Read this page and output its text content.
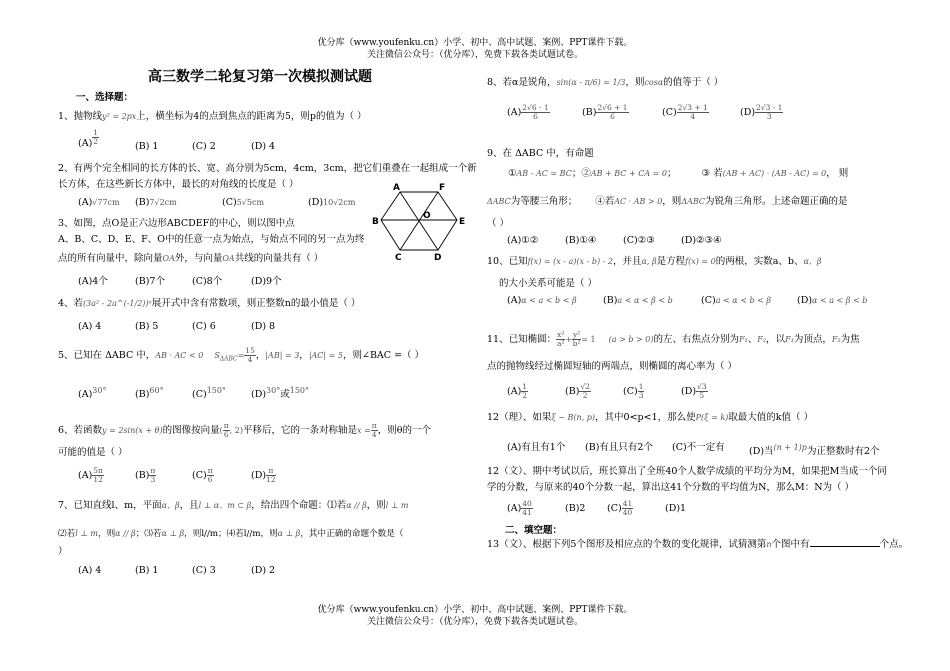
优分库（www.youfenku.cn）小学、初中、高中试题、案例、PPT课件下载。
关注微信公众号：（优分库），免费下载各类试题试卷。
高三数学二轮复习第一次模拟测试题
一、选择题：
1、抛物线y² = 2px上，横坐标为4的点到焦点的距离为5，则p的值为（ ）
$(A) \frac{1}{2}$
(B) 1	(C) 2	(D) 4
2、有两个完全相同的长方体的长、宽、高分别为5cm，4cm，3cm，把它们重叠在一起组成一个新
长方体，在这些新长方体中，最长的对角线的长度是（ ）
(A)√77cm (B)7√2cm	(C)5√5cm	(D)10√2cm
A	F
B
O
E
C	D
3、如图，点O是正六边形ABCDEF的中心，则以图中点
A、B、C、D、E、F、O中的任意一点为始点，与始点不同的另一点为终
点的所有向量中，除向量OA外，与向量OA共线的向量共有（ ）
(A)4个	(B)7个	(C)8个	(D)9个
4、若(3a² - 2a^(-1/2))ⁿ展开式中含有常数项，则正整数n的最小值是（ ）
(A) 4	(B) 5	(C) 6	(D) 8
5、已知在 ΔABC 中，AB · AC < 0 $S_{\Delta ABC}= \frac{15}{4}$ ，|AB| = 3，|AC| = 5，则∠BAC =（ ）
$(A)^{30^\circ}$	$(B)^{60^\circ}$	$(C)^{150^\circ}$	$(D)^{30^\circ}$或$^{150^\circ}$
6、若函数y = 2sin(x + θ)的图像按向量( $\frac{\pi}{6}$ , 2)平移后，它的一条对称轴是$x = \frac{\pi}{4}$ ，则θ的一个
可能的值是（ ）
$(A) \frac{5\pi}{12}$	$(B) \frac{\pi}{3}$	$(C) \frac{\pi}{6}$	$(D) \frac{\pi}{12}$
7、已知直线l、m，平面α、β，且l ⊥ α、m ⊂ β，给出四个命题：⑴若α // β，则l ⊥ m
⑵若l ⊥ m，则α // β；⑶若α ⊥ β，则l//m；⑷若l//m，则α ⊥ β，其中正确的命题个数是（
）
(A) 4	(B) 1	(C) 3	(D) 2
8、若α是锐角，sin(α - π/6) = 1/3，则cosα的值等于（ ）
$(A) \frac{2√6 - 1}{6}$	$(B) \frac{2√6 + 1}{6}$	$(C) \frac{2√3 + 1}{4}$	$(D) \frac{2√3 - 1}{3}$
9、在 ΔABC 中，有命题
①AB - AC = BC；②AB + BC + CA = 0；	③ 若(AB + AC) · (AB - AC) = 0， 则
ΔABC为等腰三角形； ④若AC · AB > 0，则ΔABC为锐角三角形。上述命题正确的是
（ ）
(A)①②	(B)①④	(C)②③	(D)②③④
10、已知f(x) = (x - a)(x - b) - 2，并且α, β是方程f(x) = 0的两根，实数a、b、α、β
的大小关系可能是（ ）
(A)α < a < b < β	(B)a < α < β < b	(C)a < α < b < β	(D)α < a < β < b
11、已知椭圆： $\frac{\text{x²}}{\text{a²}} + \frac{\text{y²}}{\text{b²}} = 1$ (a > b > 0)的左、右焦点分别为F₁、F₂，以F₁为顶点，F₂为焦
点的抛物线经过椭圆短轴的两端点，则椭圆的离心率为（ ）
$(A) \frac{1}{2}$	$(B) \frac{√2}{2}$	$(C) \frac{1}{3}$	$(D) \frac{√3}{5}$
12（理）、如果ξ ~ B(n, p)，其中0<p<1，那么使P(ξ = k)取最大值的k值（ ）
(A)有且有1个 (B)有且只有2个 (C)不一定有	(D)当$^{(n + 1)p}$为正整数时有2个
12（文）、期中考试以后，班长算出了全班40个人数学成绩的平均分为M，如果把M当成一个同
学的分数，与原来的40个分数一起，算出这41个分数的平均值为N，那么M：N为（ ）
$(A) \frac{40}{41}$	(B)2 $(C) \frac{41}{40}$	(D)1
二、填空题：
13（文）、根据下列5个图形及相应点的个数的变化规律，试猜测第n个图中有	个点。
优分库（www.youfenku.cn）小学、初中、高中试题、案例、PPT课件下载。
关注微信公众号：（优分库），免费下载各类试题试卷。
